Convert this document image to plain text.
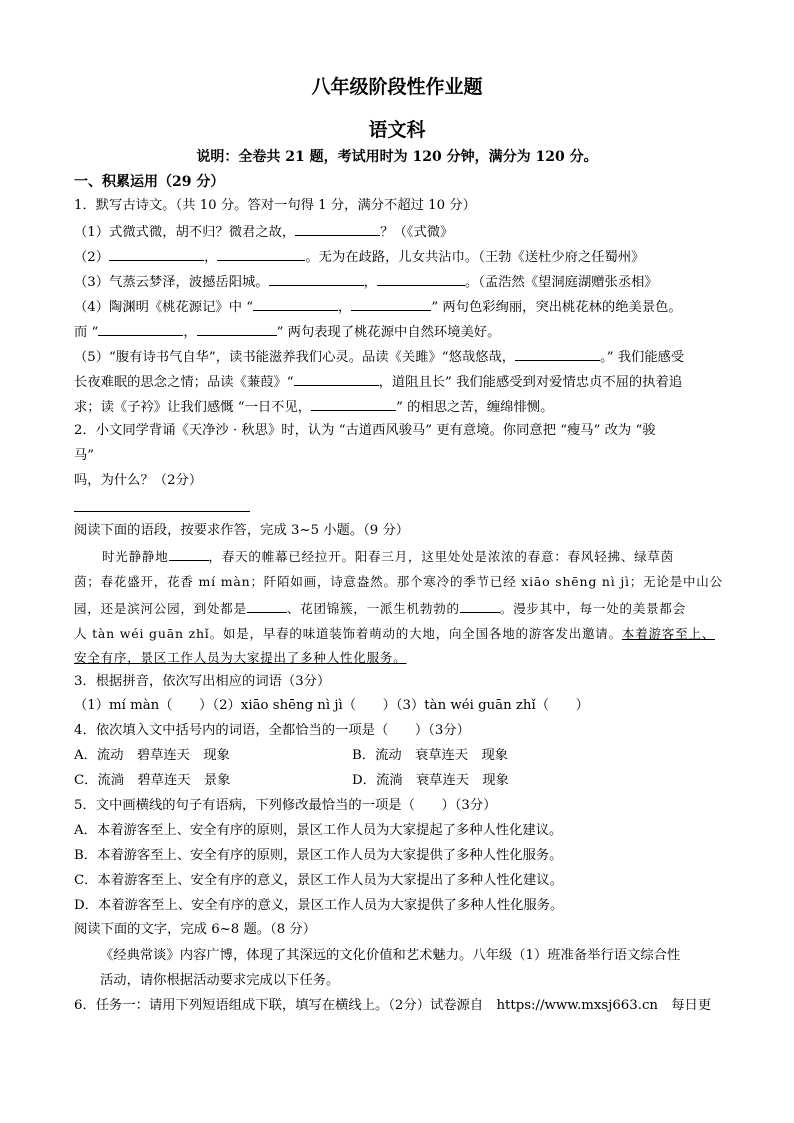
八年级阶段性作业题
语文科
说明：全卷共 21 题，考试用时为 120 分钟，满分为 120 分。
一、积累运用（29 分）
1．默写古诗文。（共 10 分。答对一句得 1 分，满分不超过 10 分）
（1）式微式微，胡不归？微君之故，	？（《式微》
（2）	，	。无为在歧路，儿女共沾巾。（王勃《送杜少府之任蜀州》
（3）气蒸云梦泽，波撼岳阳城。	，	。（孟浩然《望洞庭湖赠张丞相》
（4）陶渊明《桃花源记》中 “	，	” 两句色彩绚丽，突出桃花林的绝美景色。
而 “	，	” 两句表现了桃花源中自然环境美好。
（5）“腹有诗书气自华”，读书能滋养我们心灵。品读《关雎》“悠哉悠哉，	。” 我们能感受
长夜难眠的思念之情；品读《蒹葭》“	，道阻且长” 我们能感受到对爱情忠贞不屈的执着追
求；读《子衿》让我们感慨 “一日不见，	” 的相思之苦，缠绵悱恻。
2．小文同学背诵《天净沙 · 秋思》时，认为 “古道西风骏马” 更有意境。你同意把 “瘦马” 改为 “骏
马”
吗，为什么？（2分）
阅读下面的语段，按要求作答，完成 3~5 小题。（9 分）
时光静静地	，春天的帷幕已经拉开。阳春三月，这里处处是浓浓的春意：春风轻拂、绿草茵
茵；春花盛开，花香 mí màn；阡陌如画，诗意盎然。那个寒冷的季节已经 xiāo shēng nì jì；无论是中山公
园，还是滨河公园，到处都是	、花团锦簇，一派生机勃勃的	。漫步其中，每一处的美景都会
人 tàn wéi guān zhǐ。如是，早春的味道装饰着萌动的大地，向全国各地的游客发出邀请。本着游客至上、
安全有序，景区工作人员为大家提出了多种人性化服务。
3．根据拼音，依次写出相应的词语（3分）
（1）mí màn（　　）（2）xiāo shēng nì jì（　　）（3）tàn wéi guān zhǐ（　　）
4．依次填入文中括号内的词语，全都恰当的一项是（　　）（3分）
A．流动　碧草连天　现象	B．流动　衰草连天　现象
C．流淌　碧草连天　景象	D．流淌　衰草连天　现象
5．文中画横线的句子有语病，下列修改最恰当的一项是（　　）（3分）
A．本着游客至上、安全有序的原则，景区工作人员为大家提起了多种人性化建议。
B．本着游客至上、安全有序的原则，景区工作人员为大家提供了多种人性化服务。
C．本着游客至上、安全有序的意义，景区工作人员为大家提出了多种人性化建议。
D．本着游客至上、安全有序的意义，景区工作人员为大家提供了多种人性化服务。
阅读下面的文字，完成 6~8 题。（8 分）
《经典常谈》内容广博，体现了其深远的文化价值和艺术魅力。八年级（1）班准备举行语文综合性
活动，请你根据活动要求完成以下任务。
6．任务一：请用下列短语组成下联，填写在横线上。（2分）试卷源自　https://www.mxsj663.cn　每日更
